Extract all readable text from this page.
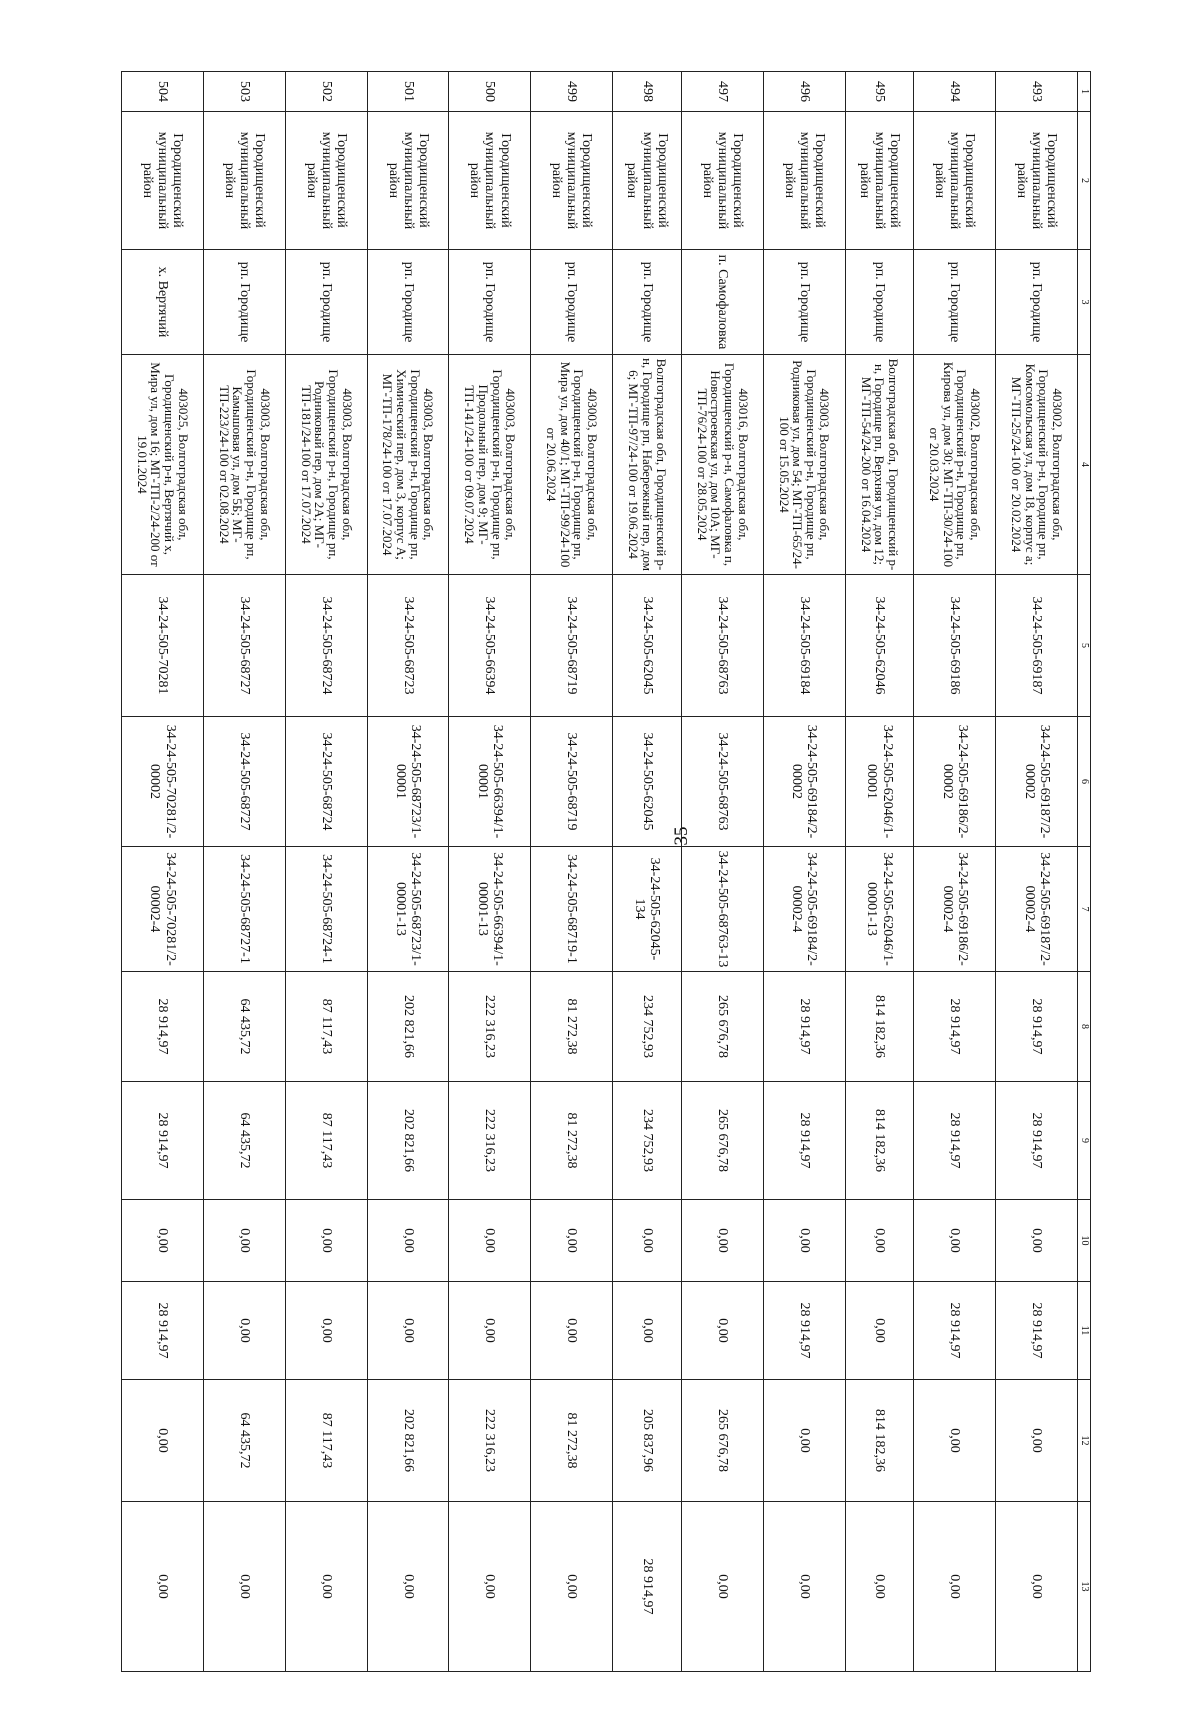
35
1	2	3	4	5	6	7	8	9	10	11	12	13
493	Городищенский муниципальный район	рп. Городище	403002, Волгоградская обл, Городищенский р-н, Городище рп, Комсомольская ул, дом 18, корпус а; МГ-ТП-25/24-100 от 20.02.2024	34-24-505-69187	34-24-505-69187/2-00002	34-24-505-69187/2-00002-4	28 914,97	28 914,97	0,00	28 914,97	0,00	0,00
494	Городищенский муниципальный район	рп. Городище	403002, Волгоградская обл, Городищенский р-н, Городище рп, Кирова ул, дом 30; МГ-ТП-30/24-100 от 20.03.2024	34-24-505-69186	34-24-505-69186/2-00002	34-24-505-69186/2-00002-4	28 914,97	28 914,97	0,00	28 914,97	0,00	0,00
495	Городищенский муниципальный район	рп. Городище	Волгоградская обл, Городищенский р-н, Городище рп, Верхняя ул, дом 12; МГ-ТП-54/24-200 от 16.04.2024	34-24-505-62046	34-24-505-62046/1-00001	34-24-505-62046/1-00001-13	814 182,36	814 182,36	0,00	0,00	814 182,36	0,00
496	Городищенский муниципальный район	рп. Городище	403003, Волгоградская обл, Городищенский р-н, Городище рп, Родниковая ул, дом 54; МГ-ТП-65/24-100 от 15.05.2024	34-24-505-69184	34-24-505-69184/2-00002	34-24-505-69184/2-00002-4	28 914,97	28 914,97	0,00	28 914,97	0,00	0,00
497	Городищенский муниципальный район	п. Самофаловка	403016, Волгоградская обл, Городищенский р-н, Самофаловка п, Новостроевская ул, дом 10А; МГ-ТП-76/24-100 от 28.05.2024	34-24-505-68763	34-24-505-68763	34-24-505-68763-13	265 676,78	265 676,78	0,00	0,00	265 676,78	0,00
498	Городищенский муниципальный район	рп. Городище	Волгоградская обл, Городищенский р-н, Городище рп, Набережный пер, дом 6; МГ-ТП-97/24-100 от 19.06.2024	34-24-505-62045	34-24-505-62045	34-24-505-62045-134	234 752,93	234 752,93	0,00	0,00	205 837,96	28 914,97
499	Городищенский муниципальный район	рп. Городище	403003, Волгоградская обл, Городищенский р-н, Городище рп, Мира ул, дом 40/1; МГ-ТП-99/24-100 от 20.06.2024	34-24-505-68719	34-24-505-68719	34-24-505-68719-1	81 272,38	81 272,38	0,00	0,00	81 272,38	0,00
500	Городищенский муниципальный район	рп. Городище	403003, Волгоградская обл, Городищенский р-н, Городище рп, Продольный пер, дом 9; МГ-ТП-141/24-100 от 09.07.2024	34-24-505-66394	34-24-505-66394/1-00001	34-24-505-66394/1-00001-13	222 316,23	222 316,23	0,00	0,00	222 316,23	0,00
501	Городищенский муниципальный район	рп. Городище	403003, Волгоградская обл, Городищенский р-н, Городище рп, Химический пер, дом 3, корпус А; МГ-ТП-178/24-100 от 17.07.2024	34-24-505-68723	34-24-505-68723/1-00001	34-24-505-68723/1-00001-13	202 821,66	202 821,66	0,00	0,00	202 821,66	0,00
502	Городищенский муниципальный район	рп. Городище	403003, Волгоградская обл, Городищенский р-н, Городище рп, Родниковый пер, дом 2А; МГ-ТП-181/24-100 от 17.07.2024	34-24-505-68724	34-24-505-68724	34-24-505-68724-1	87 117,43	87 117,43	0,00	0,00	87 117,43	0,00
503	Городищенский муниципальный район	рп. Городище	403003, Волгоградская обл, Городищенский р-н, Городище рп, Камышовая ул, дом 5Б; МГ-ТП-223/24-100 от 02.08.2024	34-24-505-68727	34-24-505-68727	34-24-505-68727-1	64 435,72	64 435,72	0,00	0,00	64 435,72	0,00
504	Городищенский муниципальный район	х. Вертячий	403025, Волгоградская обл, Городищенский р-н, Вертячий х, Мира ул, дом 16; МГ-ТП-2/24-200 от 19.01.2024	34-24-505-70281	34-24-505-70281/2-00002	34-24-505-70281/2-00002-4	28 914,97	28 914,97	0,00	28 914,97	0,00	0,00
